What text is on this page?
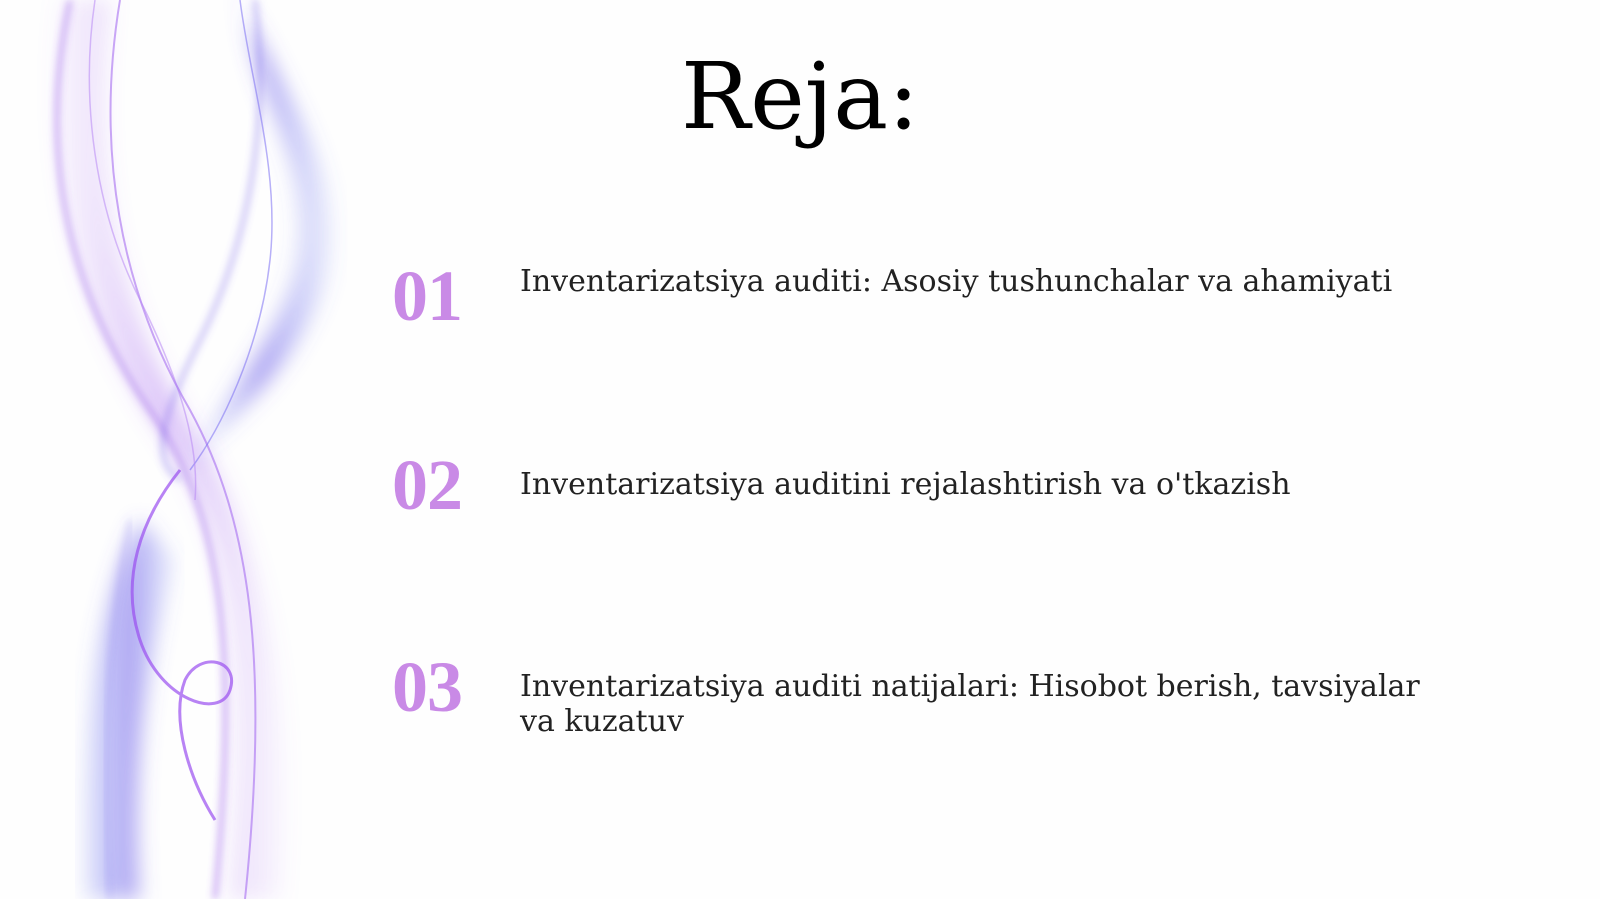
Reja:
01 Inventarizatsiya auditi: Asosiy tushunchalar va ahamiyati
02 Inventarizatsiya auditini rejalashtirish va o'tkazish
03 Inventarizatsiya auditi natijalari: Hisobot berish, tavsiyalar va kuzatuv
